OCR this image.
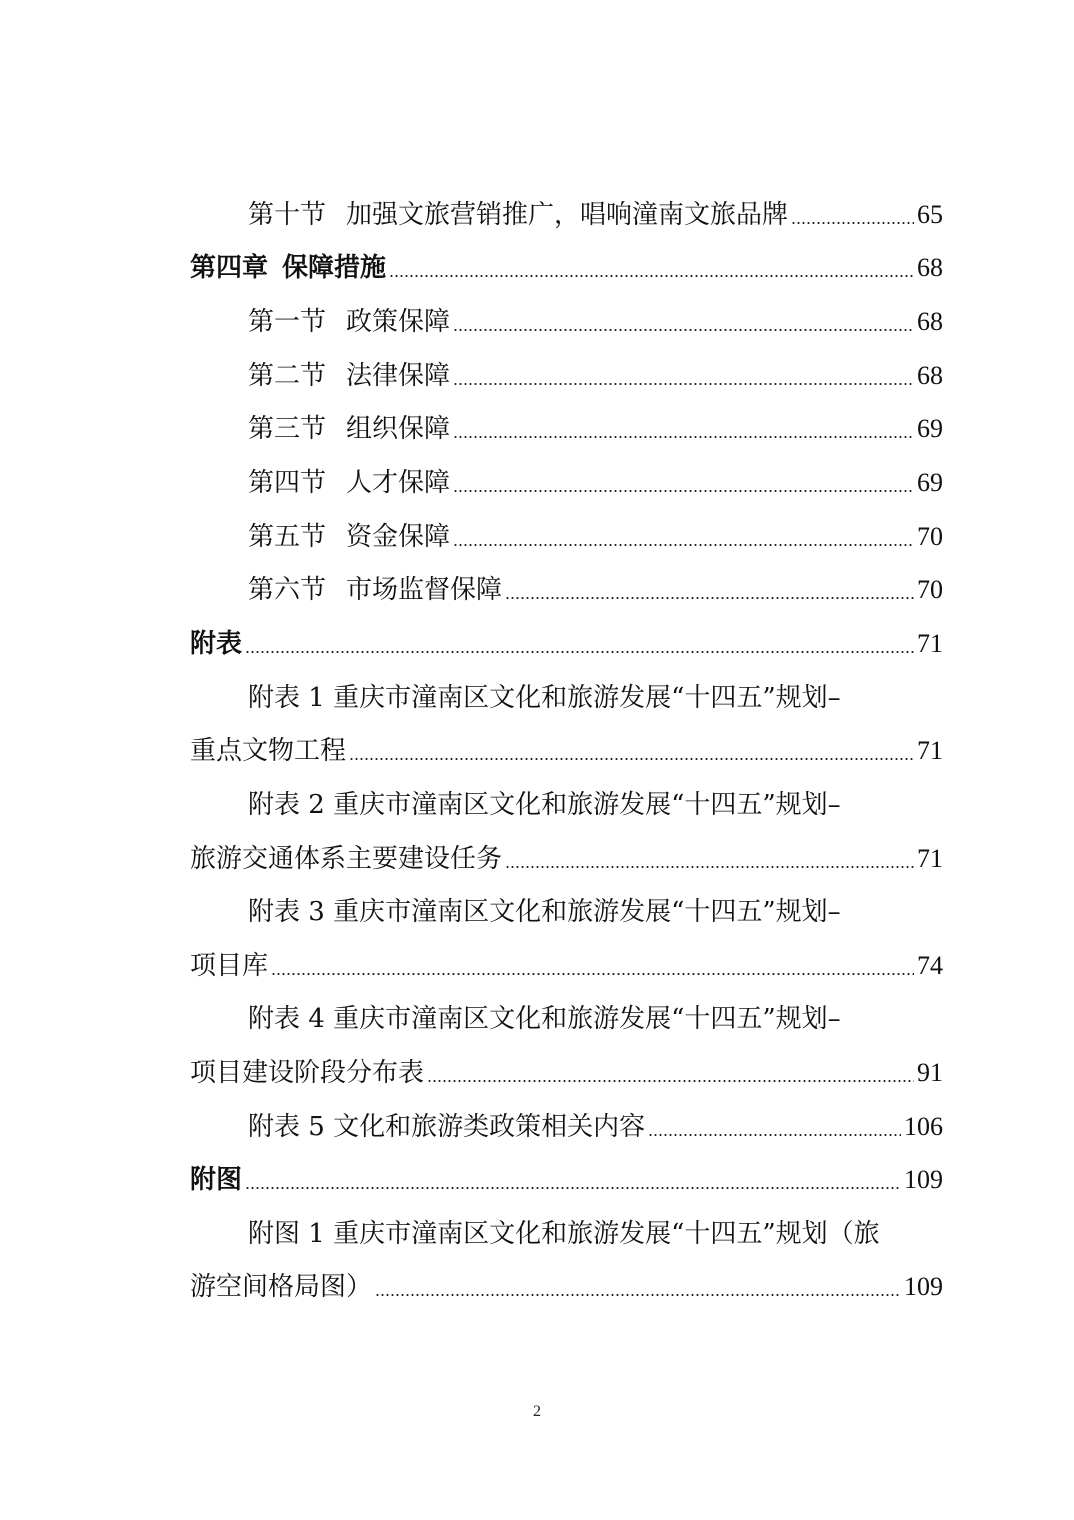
第十节 加强文旅营销推广，唱响潼南文旅品牌	65
第四章 保障措施	68
第一节 政策保障	68
第二节 法律保障	68
第三节 组织保障	69
第四节 人才保障	69
第五节 资金保障	70
第六节 市场监督保障	70
附表	71
附表 1 重庆市潼南区文化和旅游发展“十四五”规划–
重点文物工程	71
附表 2 重庆市潼南区文化和旅游发展“十四五”规划–
旅游交通体系主要建设任务	71
附表 3 重庆市潼南区文化和旅游发展“十四五”规划–
项目库	74
附表 4 重庆市潼南区文化和旅游发展“十四五”规划–
项目建设阶段分布表	91
附表 5 文化和旅游类政策相关内容	106
附图	109
附图 1 重庆市潼南区文化和旅游发展“十四五”规划（旅
游空间格局图）	109
2
